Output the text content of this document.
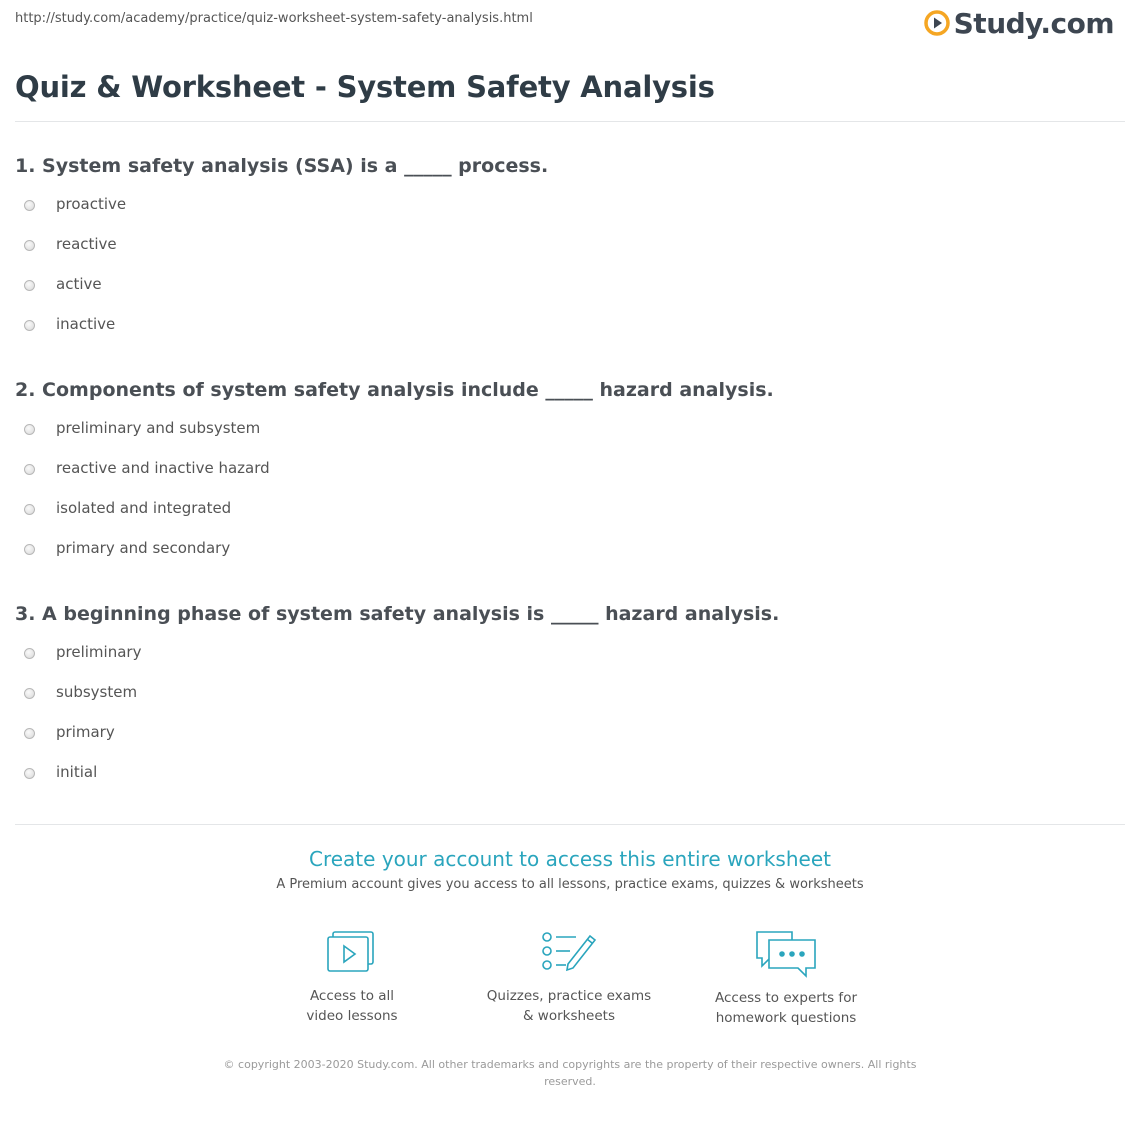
http://study.com/academy/practice/quiz-worksheet-system-safety-analysis.html	Study.com
Quiz & Worksheet - System Safety Analysis
1. System safety analysis (SSA) is a _____ process.
proactive
reactive
active
inactive
2. Components of system safety analysis include _____ hazard analysis.
preliminary and subsystem
reactive and inactive hazard
isolated and integrated
primary and secondary
3. A beginning phase of system safety analysis is _____ hazard analysis.
preliminary
subsystem
primary
initial
Create your account to access this entire worksheet
A Premium account gives you access to all lessons, practice exams, quizzes & worksheets
Access to all
video lessons
Quizzes, practice exams
& worksheets
Access to experts for
homework questions
© copyright 2003-2020 Study.com. All other trademarks and copyrights are the property of their respective owners. All rights
reserved.
